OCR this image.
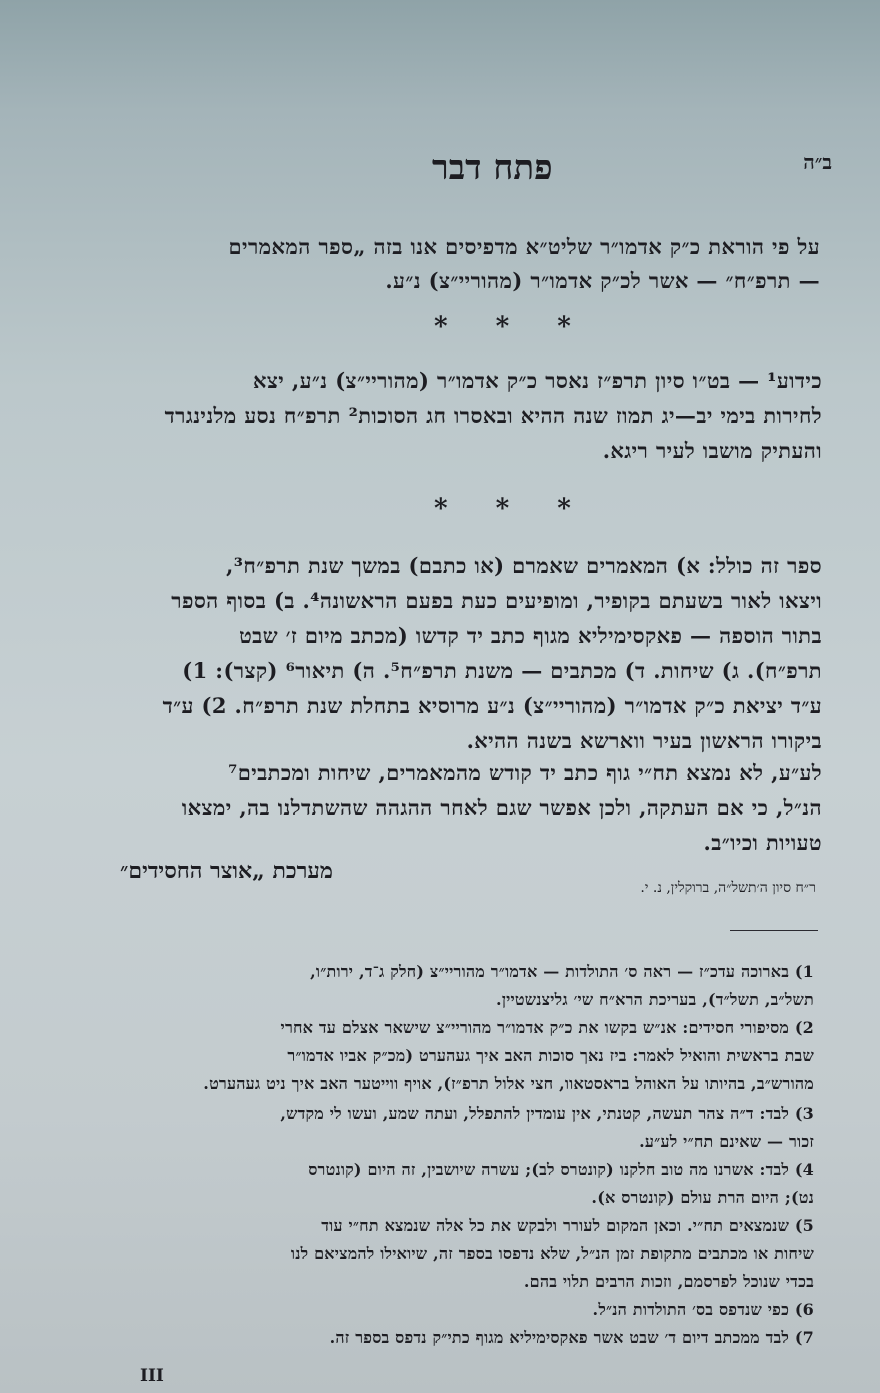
ב״ה
פתח דבר
על פי הוראת כ״ק אדמו״ר שליט״א מדפיסים אנו בזה „ספר המאמרים
— תרפ״ח״ — אשר לכ״ק אדמו״ר (מהוריי״צ) נ״ע.
* * *
כידוע¹ — בט״ו סיון תרפ״ז נאסר כ״ק אדמו״ר (מהוריי״צ) נ״ע, יצא
לחירות בימי יב—יג תמוז שנה ההיא ובאסרו חג הסוכות² תרפ״ח נסע מלנינגרד
והעתיק מושבו לעיר ריגא.
* * *
ספר זה כולל: א) המאמרים שאמרם (או כתבם) במשך שנת תרפ״ח³,
ויצאו לאור בשעתם בקופיר, ומופיעים כעת בפעם הראשונה⁴. ב) בסוף הספר
בתור הוספה — פאקסימיליא מגוף כתב יד קדשו (מכתב מיום ז׳ שבט
תרפ״ח). ג) שיחות. ד) מכתבים — משנת תרפ״ח⁵. ה) תיאור⁶ (קצר): 1)
ע״ד יציאת כ״ק אדמו״ר (מהוריי״צ) נ״ע מרוסיא בתחלת שנת תרפ״ח. 2) ע״ד
ביקורו הראשון בעיר ווארשא בשנה ההיא.
לע״ע, לא נמצא תח״י גוף כתב יד קודש מהמאמרים, שיחות ומכתבים⁷
הנ״ל, כי אם העתקה, ולכן אפשר שגם לאחר ההגהה שהשתדלנו בה, ימצאו
טעויות וכיו״ב.
מערכת „אוצר החסידים״
ר״ח סיון ה׳תשל״ה, ברוקלין, נ. י.
1) בארוכה עדכ״ז — ראה ס׳ התולדות — אדמו״ר מהוריי״צ (חלק ג־ד, ירות״ו,
תשל״ב, תשל״ד), בעריכת הרא״ח שי׳ גליצנשטיין.
2) מסיפורי חסידים: אנ״ש בקשו את כ״ק אדמו״ר מהוריי״צ שישאר אצלם עד אחרי
שבת בראשית והואיל לאמר: ביז נאך סוכות האב איך געהערט (מכ״ק אביו אדמו״ר
מהורש״ב, בהיותו על האוהל בראסטאוו, חצי אלול תרפ״ז), אויף ווייטער האב איך ניט געהערט.
3) לבד: ד״ה צהר תעשה, קטנתי, אין עומדין להתפלל, ועתה שמע, ועשו לי מקדש,
זכור — שאינם תח״י לע״ע.
4) לבד: אשרנו מה טוב חלקנו (קונטרס לב); עשרה שיושבין, זה היום (קונטרס
נט); היום הרת עולם (קונטרס א).
5) שנמצאים תח״י. וכאן המקום לעורר ולבקש את כל אלה שנמצא תח״י עוד
שיחות או מכתבים מתקופת זמן הנ״ל, שלא נדפסו בספר זה, שיואילו להמציאם לנו
בכדי שנוכל לפרסמם, וזכות הרבים תלוי בהם.
6) כפי שנדפס בס׳ התולדות הנ״ל.
7) לבד ממכתב דיום ד׳ שבט אשר פאקסימיליא מגוף כתי״ק נדפס בספר זה.
III
